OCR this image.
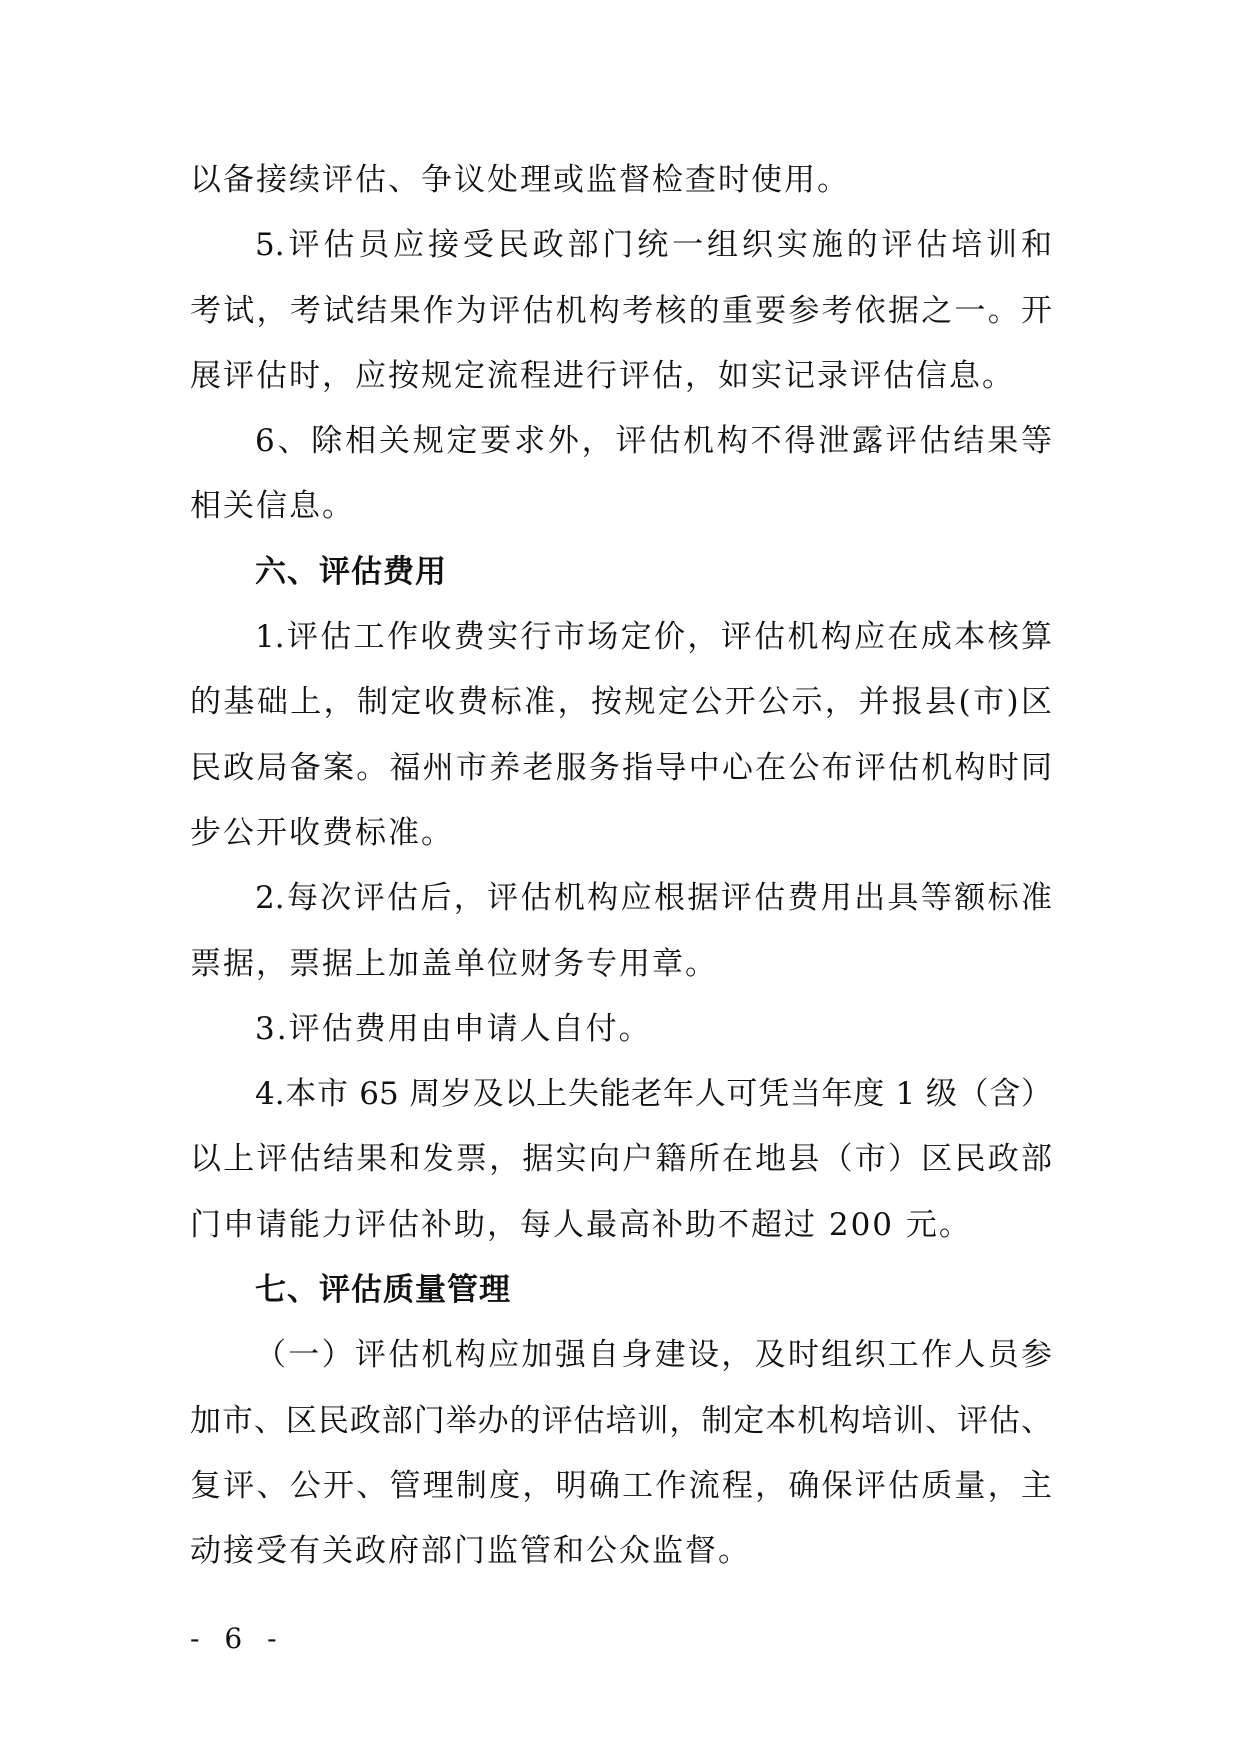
以备接续评估、争议处理或监督检查时使用。
5.评估员应接受民政部门统一组织实施的评估培训和
考试，考试结果作为评估机构考核的重要参考依据之一。开
展评估时，应按规定流程进行评估，如实记录评估信息。
6、除相关规定要求外，评估机构不得泄露评估结果等
相关信息。
六、评估费用
1.评估工作收费实行市场定价，评估机构应在成本核算
的基础上，制定收费标准，按规定公开公示，并报县(市)区
民政局备案。福州市养老服务指导中心在公布评估机构时同
步公开收费标准。
2.每次评估后，评估机构应根据评估费用出具等额标准
票据，票据上加盖单位财务专用章。
3.评估费用由申请人自付。
4.本市 65 周岁及以上失能老年人可凭当年度 1 级（含）
以上评估结果和发票，据实向户籍所在地县（市）区民政部
门申请能力评估补助，每人最高补助不超过 200 元。
七、评估质量管理
（一）评估机构应加强自身建设，及时组织工作人员参
加市、区民政部门举办的评估培训，制定本机构培训、评估、
复评、公开、管理制度，明确工作流程，确保评估质量，主
动接受有关政府部门监管和公众监督。
- 6 -
